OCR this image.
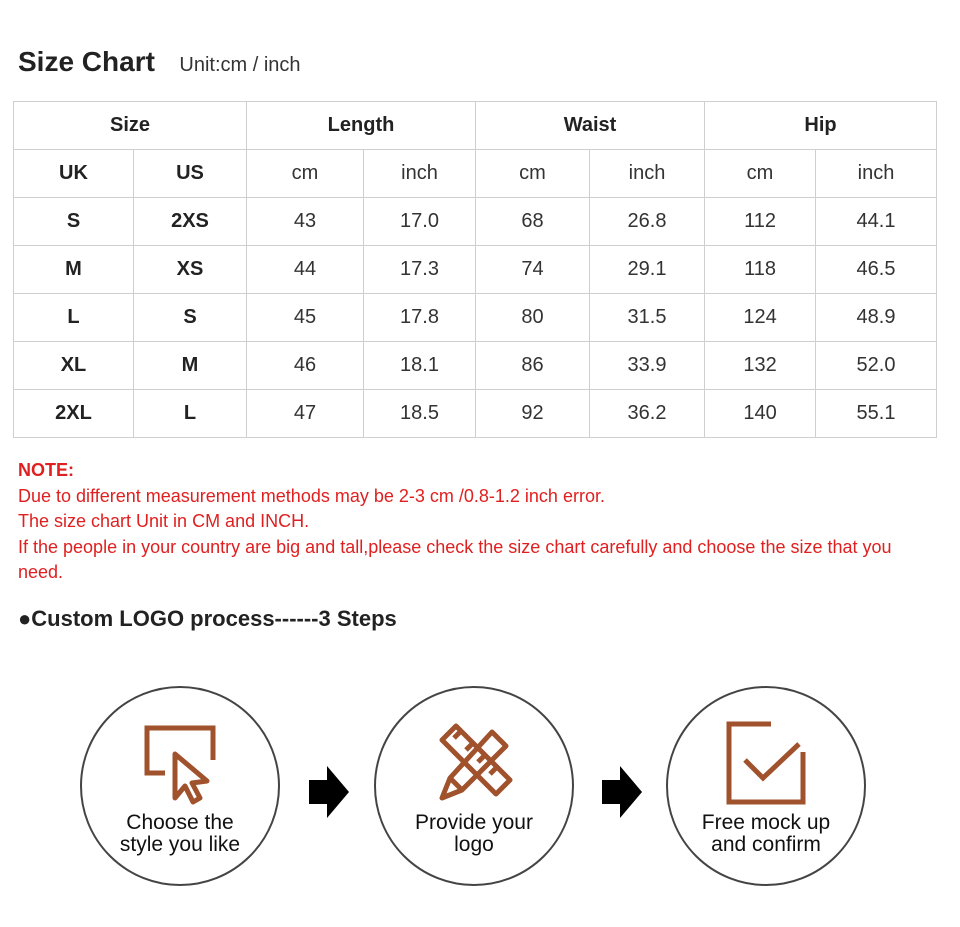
Size Chart Unit:cm / inch
Size		Length		Waist		Hip	
UK	US	cm	inch	cm	inch	cm	inch
S	2XS	43	17.0	68	26.8	112	44.1
M	XS	44	17.3	74	29.1	118	46.5
L	S	45	17.8	80	31.5	124	48.9
XL	M	46	18.1	86	33.9	132	52.0
2XL	L	47	18.5	92	36.2	140	55.1
NOTE:
Due to different measurement methods may be 2-3 cm /0.8-1.2 inch error.
The size chart Unit in CM and INCH.
If the people in your country are big and tall,please check the size chart carefully and choose the size that you need.
●Custom LOGO process------3 Steps
Choose the
style you like
Provide your
logo
Free mock up
and confirm
